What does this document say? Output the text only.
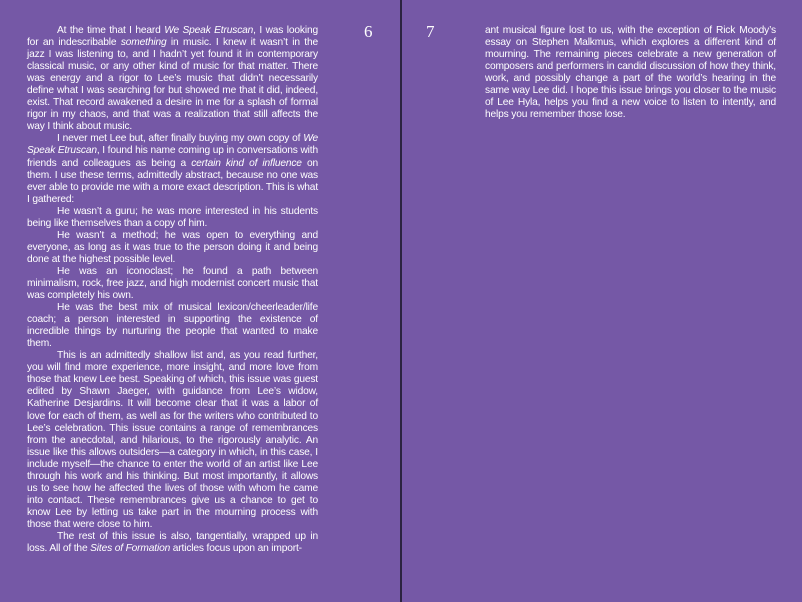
6

At the time that I heard We Speak Etruscan, I was looking for an indescribable something in music. I knew it wasn’t in the jazz I was listening to, and I hadn’t yet found it in contemporary classical music, or any other kind of music for that matter. There was energy and a rigor to Lee’s music that didn’t necessarily define what I was searching for but showed me that it did, indeed, exist. That record awakened a desire in me for a splash of formal rigor in my chaos, and that was a realization that still affects the way I think about music.

I never met Lee but, after finally buying my own copy of We Speak Etruscan, I found his name coming up in conversations with friends and colleagues as being a certain kind of influence on them. I use these terms, admittedly abstract, because no one was ever able to provide me with a more exact description. This is what I gathered:

He wasn’t a guru; he was more interested in his students being like themselves than a copy of him.

He wasn’t a method; he was open to everything and everyone, as long as it was true to the person doing it and being done at the highest possible level.

He was an iconoclast; he found a path between minimalism, rock, free jazz, and high modernist concert music that was completely his own.

He was the best mix of musical lexicon/cheerleader/life coach; a person interested in supporting the existence of incredible things by nurturing the people that wanted to make them.

This is an admittedly shallow list and, as you read further, you will find more experience, more insight, and more love from those that knew Lee best. Speaking of which, this issue was guest edited by Shawn Jaeger, with guidance from Lee’s widow, Katherine Desjardins. It will become clear that it was a labor of love for each of them, as well as for the writers who contributed to Lee’s celebration. This issue contains a range of remembrances from the anecdotal, and hilarious, to the rigorously analytic. An issue like this allows outsiders—a category in which, in this case, I include myself—the chance to enter the world of an artist like Lee through his work and his thinking. But most importantly, it allows us to see how he affected the lives of those with whom he came into contact. These remembrances give us a chance to get to know Lee by letting us take part in the mourning process with those that were close to him.

The rest of this issue is also, tangentially, wrapped up in loss. All of the Sites of Formation articles focus upon an import-

7	ant musical figure lost to us, with the exception of Rick Moody’s essay on Stephen Malkmus, which explores a different kind of mourning. The remaining pieces celebrate a new generation of composers and performers in candid discussion of how they think, work, and possibly change a part of the world’s hearing in the same way Lee did. I hope this issue brings you closer to the music of Lee Hyla, helps you find a new voice to listen to intently, and helps you remember those lose.
